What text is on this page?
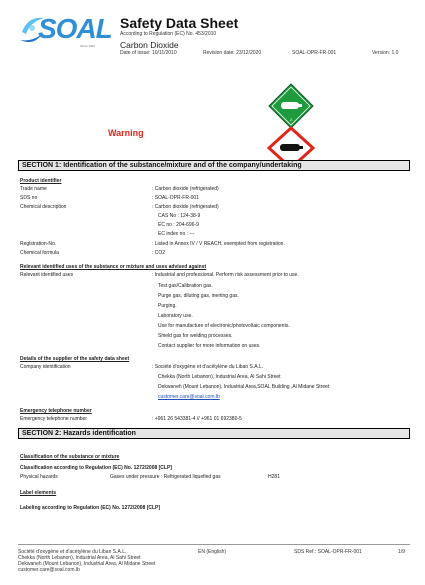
SOAL
Since 1960
Safety Data Sheet
According to Regulation (EC) No. 453/2010
Carbon Dioxide
Date of issue: 10/11/2010	Revision date: 23/12/2020	SOAL-OPR-FR-001	Version: 1.0
2
Warning
SECTION 1: Identification of the substance/mixture and of the company/undertaking
Product identifier
Trade name	: Carbon dioxide (refrigerated)
SDS no	: SOAL-OPR-FR-001
Chemical description	: Carbon dioxide (refrigerated)
CAS No : 124-38-9
EC no : 204-696-9
EC index no : ---
Registration-No.	: Listed in Annex IV / V REACH, exempted from registration.
Chemical formula	: CO2
Relevant identified uses of the substance or mixture and uses advised against
Relevant identified uses	: Industrial and professional. Perform risk assessment prior to use.
Test gas/Calibration gas.
Purge gas, diluting gas, inerting gas.
Purging.
Laboratory use.
Use for manufacture of electronic/photovoltaic components.
Shield gas for welding processes.
Contact supplier for more information on uses.
Details of the supplier of the safety data sheet
Company identification	: Société d'oxygène et d'acétylène du Liban S.A.L.
Chekka (North Lebanon), Industrial Area, Al Sahi Street
Dekwaneh (Mount Lebanon), Industrial Area,SOAL Building ,Al Midane Street
customer.care@soal.com.lb
Emergency telephone number
Emergency telephone number	: +961 26 543381-4 // +961 01 692380-5
SECTION 2: Hazards identification
Classification of the substance or mixture
Classification according to Regulation (EC) No. 1272/2008 [CLP]
Physical hazards	Gases under pressure : Refrigerated liquefied gas	H281
Label elements
Labeling according to Regulation (EC) No. 1272/2008 [CLP]
Société d'oxygène et d'acétylène du Liban S.A.L.
Chekka (North Lebanon), Industrial Area, Al Sahi Street
Dekwaneh (Mount Lebanon), Industrial Area, Al Midane Street
customer.care@soal.com.lb
EN (English)	SDS Ref.: SOAL-OPR-FR-001	1/9
